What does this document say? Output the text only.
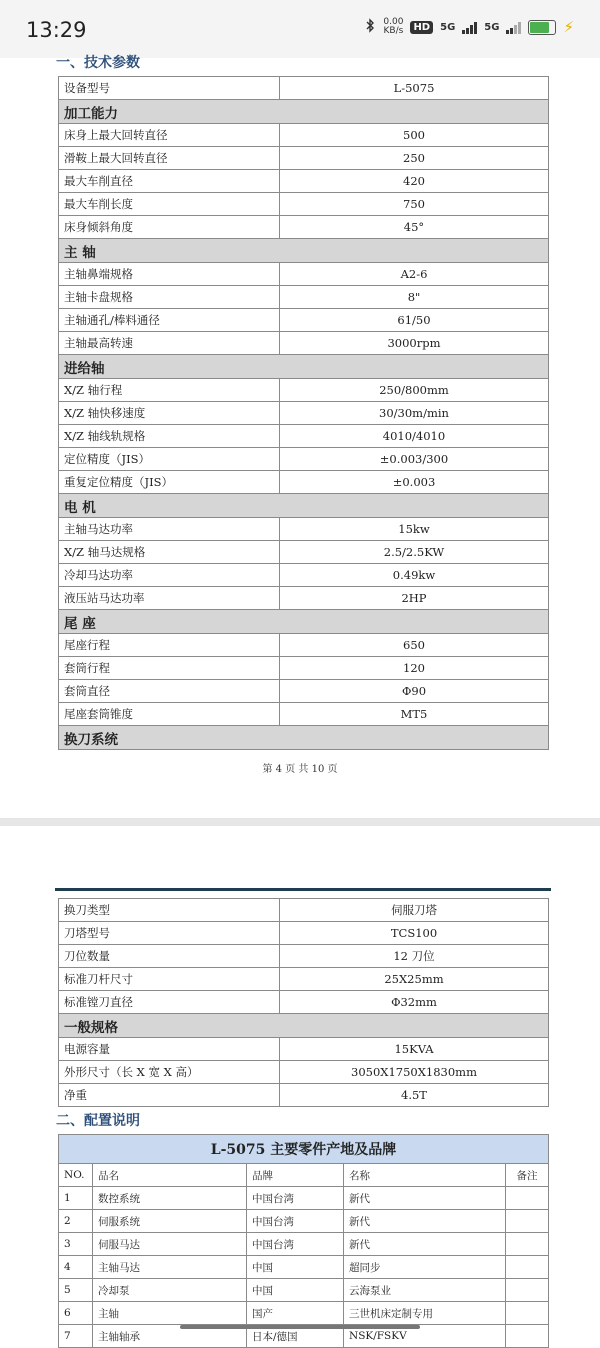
13:29	0.00
KB/s	HD	5G	5G	⚡
一、技术参数
设备型号	L-5075
加工能力	
床身上最大回转直径	500
滑鞍上最大回转直径	250
最大车削直径	420
最大车削长度	750
床身倾斜角度	45°
主 轴	
主轴鼻端规格	A2-6
主轴卡盘规格	8"
主轴通孔/棒料通径	61/50
主轴最高转速	3000rpm
进给轴	
X/Z 轴行程	250/800mm
X/Z 轴快移速度	30/30m/min
X/Z 轴线轨规格	4010/4010
定位精度（JIS）	±0.003/300
重复定位精度（JIS）	±0.003
电 机	
主轴马达功率	15kw
X/Z 轴马达规格	2.5/2.5KW
冷却马达功率	0.49kw
液压站马达功率	2HP
尾 座	
尾座行程	650
套筒行程	120
套筒直径	Φ90
尾座套筒锥度	MT5
换刀系统	
第 4 页 共 10 页
换刀类型	伺服刀塔
刀塔型号	TCS100
刀位数量	12 刀位
标准刀杆尺寸	25X25mm
标准镗刀直径	Φ32mm
一般规格	
电源容量	15KVA
外形尺寸（长 X 宽 X 高）	3050X1750X1830mm
净重	4.5T
二、配置说明
L-5075 主要零件产地及品牌				
NO.	品名	品牌	名称	备注
1	数控系统	中国台湾	新代	
2	伺服系统	中国台湾	新代	
3	伺服马达	中国台湾	新代	
4	主轴马达	中国	超同步	
5	冷却泵	中国	云海泵业	
6	主轴	国产	三世机床定制专用	
7	主轴轴承	日本/德国	NSK/FSKV	
